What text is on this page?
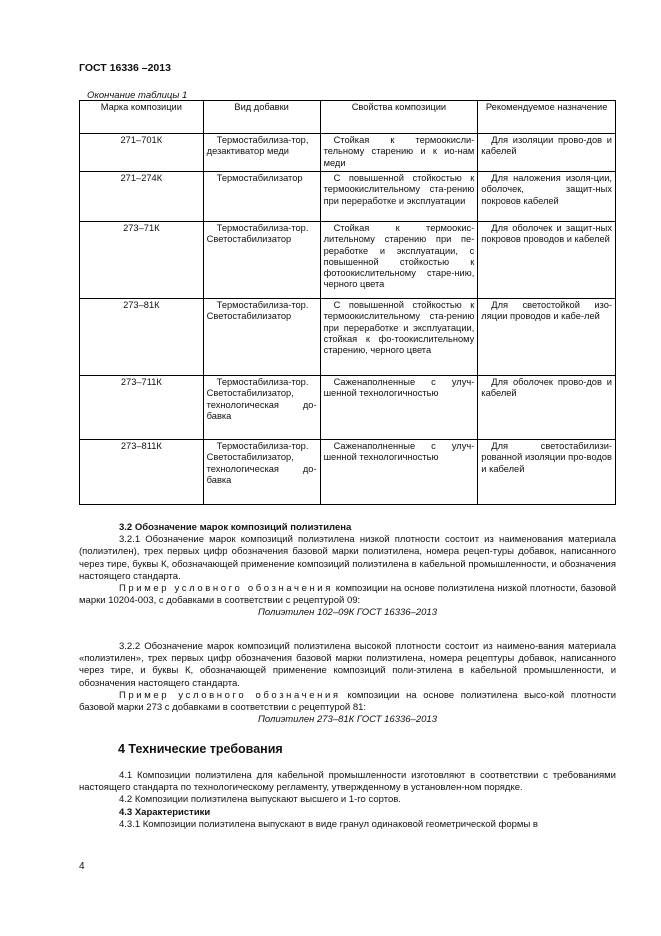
ГОСТ 16336 –2013
Окончание таблицы 1
Марка композиции	Вид добавки	Свойства композиции	Рекомендуемое назначение
271–701К	Термостабилиза-тор, дезактиватор меди	Стойкая к термоокисли-тельному старению и к ио-нам меди	Для изоляции прово-дов и кабелей

271–274К	Термостабилизатор	С повышенной стойкостью к термоокислительному ста-рению при переработке и эксплуатации	Для наложения изоля-ции, оболочек, защит-ных покровов кабелей

273–71К	Термостабилиза-тор. Светостабилизатор	Стойкая к термоокис-лительному старению при пе-реработке и эксплуатации, с повышенной стойкостью к фотоокислительному старе-нию, черного цвета	Для оболочек и защит-ных покровов проводов и кабелей

273–81К	Термостабилиза-тор. Светостабилизатор	С повышенной стойкостью к термоокислительному ста-рению при переработке и эксплуатации, стойкая к фо-тоокислительному старению, черного цвета	Для светостойкой изо-ляции проводов и кабе-лей

273–711К	Термостабилиза-тор. Светостабилизатор, технологическая до-бавка	Саженаполненные с улуч-шенной технологичностью	Для оболочек прово-дов и кабелей

273–811К	Термостабилиза-тор. Светостабилизатор, технологическая до-бавка	Саженаполненные с улуч-шенной технологичностью	Для светостабилизи-рованной изоляции про-водов и кабелей

3.2 Обозначение марок композиций полиэтилена

3.2.1 Обозначение марок композиций полиэтилена низкой плотности состоит из наименования материала (полиэтилен), трех первых цифр обозначения базовой марки полиэтилена, номера рецеп-туры добавок, написанного через тире, буквы К, обозначающей применение композиций полиэтилена в кабельной промышленности, и обозначения настоящего стандарта.

Пример условного обозначения композиции на основе полиэтилена низкой плотности, базовой марки 10204-003, с добавками в соответствии с рецептурой 09:

Полиэтилен 102–09К ГОСТ 16336–2013

3.2.2 Обозначение марок композиций полиэтилена высокой плотности состоит из наимено-вания материала «полиэтилен», трех первых цифр обозначения базовой марки полиэтилена, номера рецептуры добавок, написанного через тире, и буквы К, обозначающей применение композиций поли-этилена в кабельной промышленности, и обозначения настоящего стандарта.

Пример условного обозначения композиции на основе полиэтилена высо-кой плотности базовой марки 273 с добавками в соответствии с рецептурой 81:

Полиэтилен 273–81К ГОСТ 16336–2013

4 Технические требования

4.1 Композиции полиэтилена для кабельной промышленности изготовляют в соответствии с требованиями настоящего стандарта по технологическому регламенту, утвержденному в установлен-ном порядке.

4.2 Композиции полиэтилена выпускают высшего и 1-го сортов.

4.3 Характеристики

4.3.1 Композиции полиэтилена выпускают в виде гранул одинаковой геометрической формы в

4
